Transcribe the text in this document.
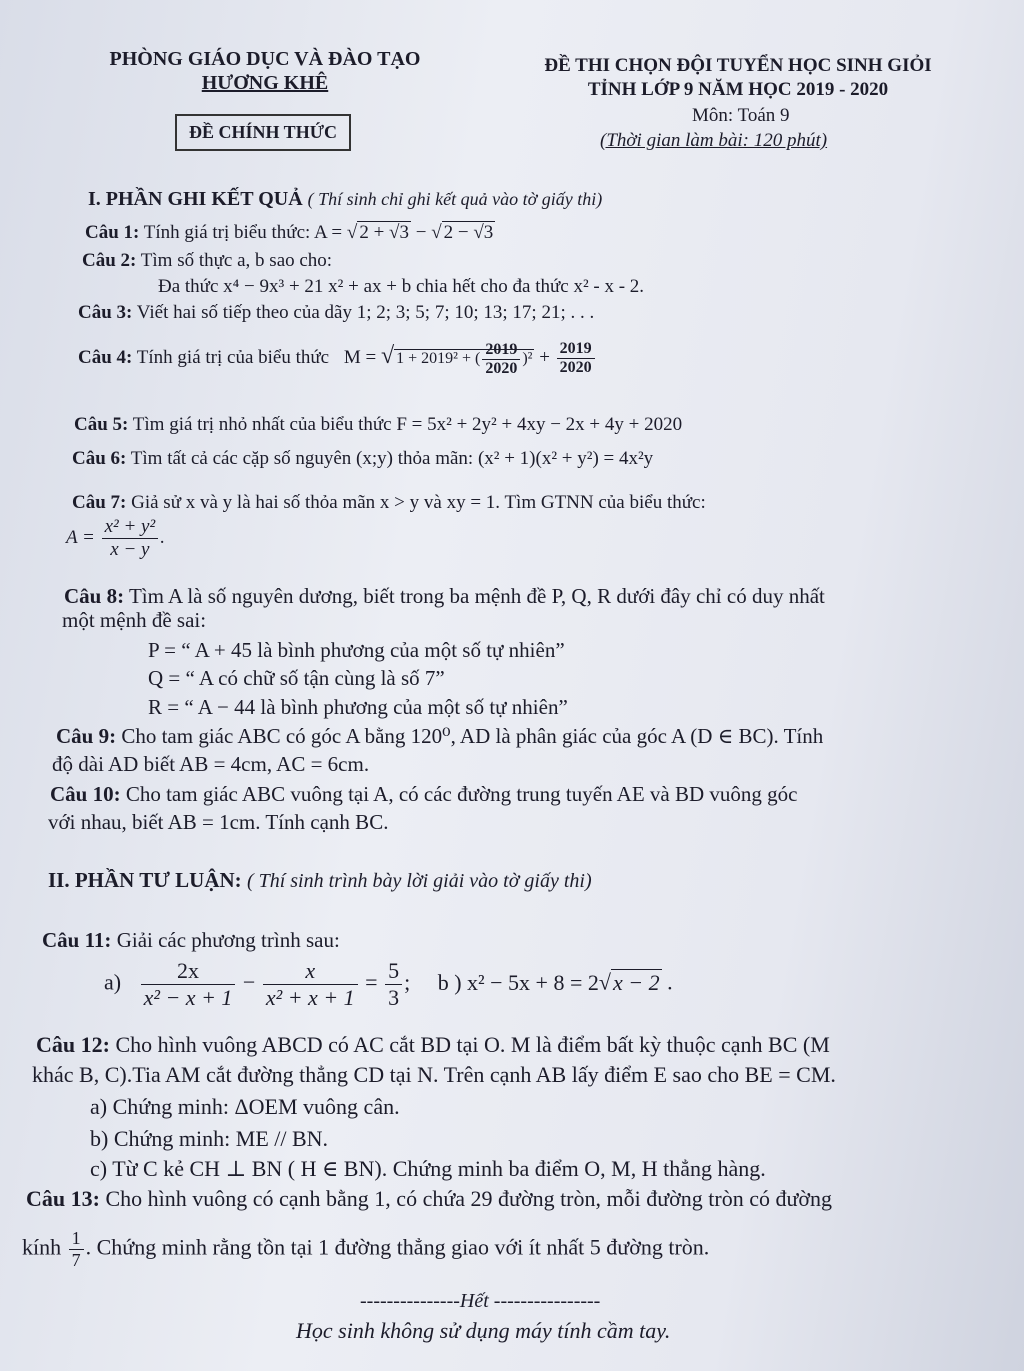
PHÒNG GIÁO DỤC VÀ ĐÀO TẠO
HƯƠNG KHÊ
ĐỀ CHÍNH THỨC
ĐỀ THI CHỌN ĐỘI TUYỂN HỌC SINH GIỎI
TỈNH LỚP 9 NĂM HỌC 2019 - 2020
Môn: Toán 9
(Thời gian làm bài: 120 phút)
I. PHẦN GHI KẾT QUẢ ( Thí sinh chỉ ghi kết quả vào tờ giấy thi)
Câu 1: Tính giá trị biểu thức: A = √ 2 + √3 − √ 2 − √3
Câu 2: Tìm số thực a, b sao cho:
Đa thức x⁴ − 9x³ + 21 x² + ax + b chia hết cho đa thức x² - x - 2.
Câu 3: Viết hai số tiếp theo của dãy 1; 2; 3; 5; 7; 10; 13; 17; 21; . . .
Câu 4: Tính giá trị của biểu thức M = √ 1 + 2019² + ( $\frac{2019}{2020} )^2 + \frac{2019}{2020}$
Câu 5: Tìm giá trị nhỏ nhất của biểu thức F = 5x² + 2y² + 4xy − 2x + 4y + 2020
Câu 6: Tìm tất cả các cặp số nguyên (x;y) thỏa mãn: (x² + 1)(x² + y²) = 4x²y
Câu 7: Giả sử x và y là hai số thỏa mãn x > y và xy = 1. Tìm GTNN của biểu thức:
$A = \frac{\text{x² + y²}}{x - y}$ .
Câu 8: Tìm A là số nguyên dương, biết trong ba mệnh đề P, Q, R dưới đây chỉ có duy nhất
một mệnh đề sai:
P = “ A + 45 là bình phương của một số tự nhiên”
Q = “ A có chữ số tận cùng là số 7”
R = “ A − 44 là bình phương của một số tự nhiên”
Câu 9: Cho tam giác ABC có góc A bằng 120⁰, AD là phân giác của góc A (D ∈ BC). Tính
độ dài AD biết AB = 4cm, AC = 6cm.
Câu 10: Cho tam giác ABC vuông tại A, có các đường trung tuyến AE và BD vuông góc
với nhau, biết AB = 1cm. Tính cạnh BC.
II. PHẦN TƯ LUẬN: ( Thí sinh trình bày lời giải vào tờ giấy thi)
Câu 11: Giải các phương trình sau:
$a) \frac{2x}{\text{x² − x + 1}} - \frac{x}{\text{x² + x + 1}} = \frac{5}{3}$ ; b ) x² − 5x + 8 = 2√x − 2 .
Câu 12: Cho hình vuông ABCD có AC cắt BD tại O. M là điểm bất kỳ thuộc cạnh BC (M
khác B, C).Tia AM cắt đường thẳng CD tại N. Trên cạnh AB lấy điểm E sao cho BE = CM.
a) Chứng minh: ΔOEM vuông cân.
b) Chứng minh: ME // BN.
c) Từ C kẻ CH ⊥ BN ( H ∈ BN). Chứng minh ba điểm O, M, H thẳng hàng.
Câu 13: Cho hình vuông có cạnh bằng 1, có chứa 29 đường tròn, mỗi đường tròn có đường
kính $\frac{1}{7}$ . Chứng minh rằng tồn tại 1 đường thẳng giao với ít nhất 5 đường tròn.
---------------Hết ----------------
Học sinh không sử dụng máy tính cầm tay.
